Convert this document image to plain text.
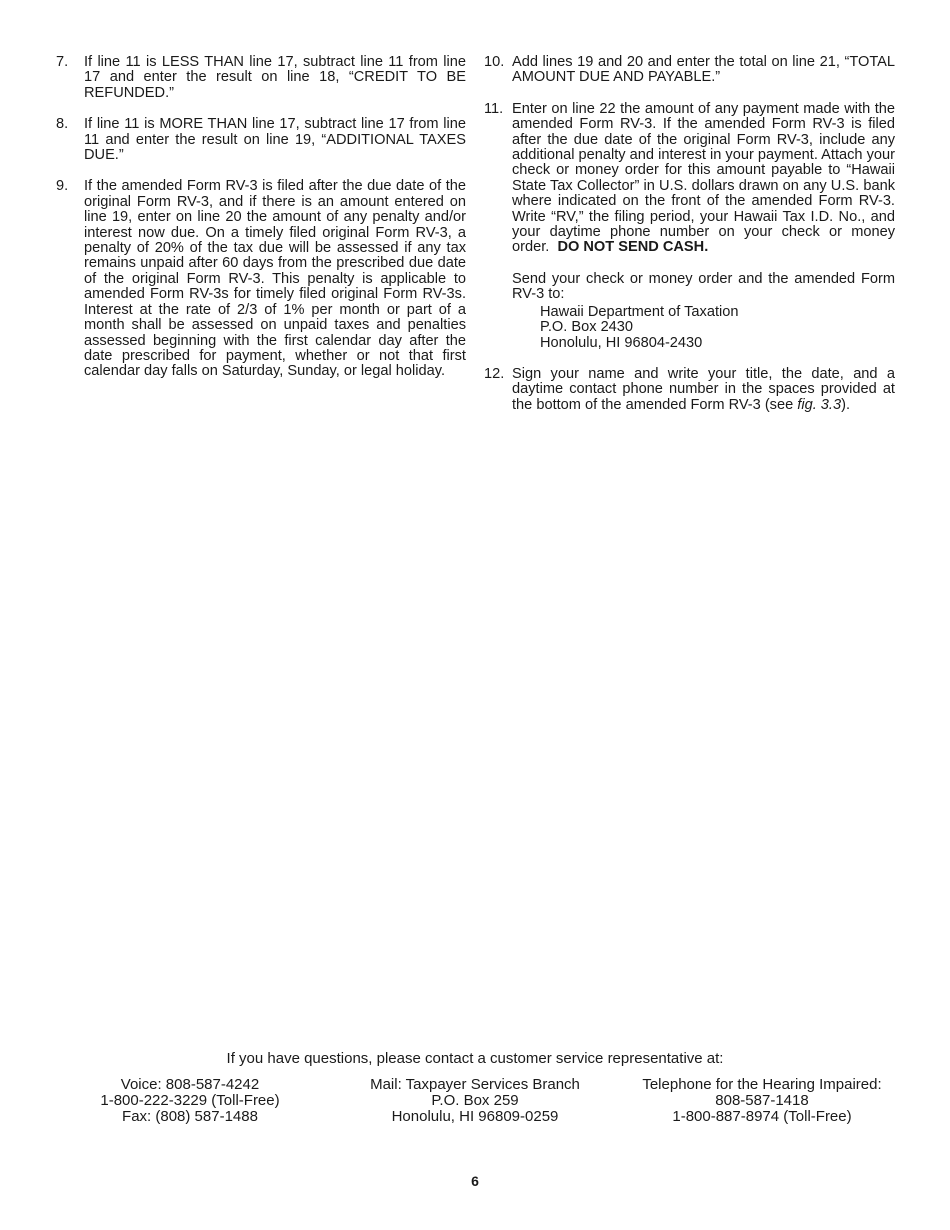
7.	If line 11 is LESS THAN line 17, subtract line 11 from line 17 and enter the result on line 18, “CREDIT TO BE REFUNDED.”
8.	If line 11 is MORE THAN line 17, subtract line 17 from line 11 and enter the result on line 19, “ADDITIONAL TAXES DUE.”
9.	If the amended Form RV-3 is filed after the due date of the original Form RV-3, and if there is an amount entered on line 19, enter on line 20 the amount of any penalty and/or interest now due. On a timely filed original Form RV-3, a penalty of 20% of the tax due will be assessed if any tax remains unpaid after 60 days from the prescribed due date of the original Form RV-3. This penalty is applicable to amended Form RV-3s for timely filed original Form RV-3s. Interest at the rate of 2/3 of 1% per month or part of a month shall be assessed on unpaid taxes and penalties assessed beginning with the first calendar day after the date prescribed for payment, whether or not that first calendar day falls on Saturday, Sunday, or legal holiday.
10. Add lines 19 and 20 and enter the total on line 21, “TOTAL AMOUNT DUE AND PAYABLE.”
11. Enter on line 22 the amount of any payment made with the amended Form RV-3. If the amended Form RV-3 is filed after the due date of the original Form RV-3, include any additional penalty and interest in your payment. Attach your check or money order for this amount payable to “Hawaii State Tax Collector” in U.S. dollars drawn on any U.S. bank where indicated on the front of the amended Form RV-3. Write “RV,” the filing period, your Hawaii Tax I.D. No., and your daytime phone number on your check or money order. DO NOT SEND CASH.
Send your check or money order and the amended Form RV-3 to:
Hawaii Department of Taxation
P.O. Box 2430
Honolulu, HI 96804-2430
12. Sign your name and write your title, the date, and a daytime contact phone number in the spaces provided at the bottom of the amended Form RV-3 (see fig. 3.3).
If you have questions, please contact a customer service representative at:
Voice: 808-587-4242
1-800-222-3229 (Toll-Free)
Fax: (808) 587-1488
Mail: Taxpayer Services Branch
P.O. Box 259
Honolulu, HI 96809-0259
Telephone for the Hearing Impaired:
808-587-1418
1-800-887-8974 (Toll-Free)
6
